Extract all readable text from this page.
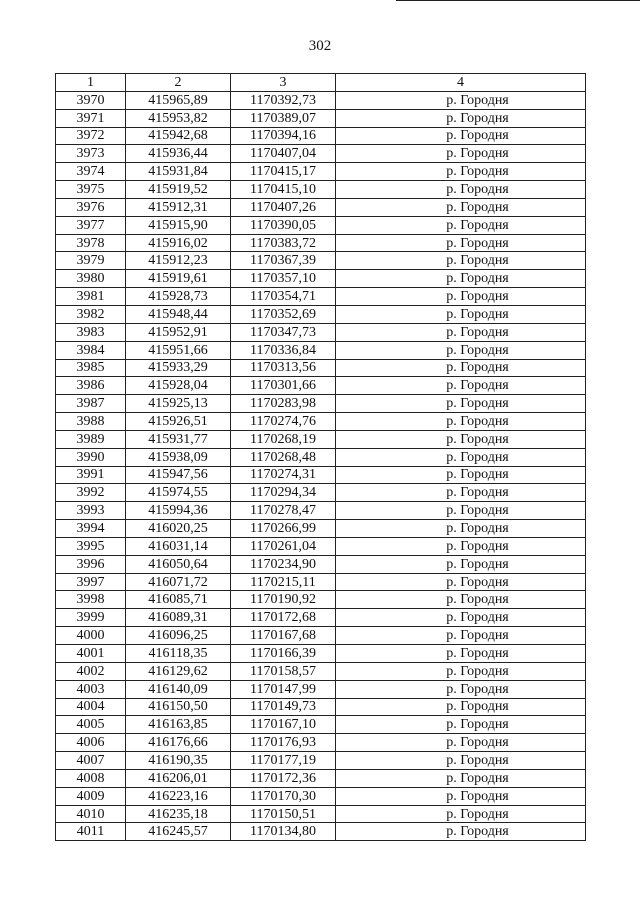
302
1	2	3	4
3970	415965,89	1170392,73	р. Городня
3971	415953,82	1170389,07	р. Городня
3972	415942,68	1170394,16	р. Городня
3973	415936,44	1170407,04	р. Городня
3974	415931,84	1170415,17	р. Городня
3975	415919,52	1170415,10	р. Городня
3976	415912,31	1170407,26	р. Городня
3977	415915,90	1170390,05	р. Городня
3978	415916,02	1170383,72	р. Городня
3979	415912,23	1170367,39	р. Городня
3980	415919,61	1170357,10	р. Городня
3981	415928,73	1170354,71	р. Городня
3982	415948,44	1170352,69	р. Городня
3983	415952,91	1170347,73	р. Городня
3984	415951,66	1170336,84	р. Городня
3985	415933,29	1170313,56	р. Городня
3986	415928,04	1170301,66	р. Городня
3987	415925,13	1170283,98	р. Городня
3988	415926,51	1170274,76	р. Городня
3989	415931,77	1170268,19	р. Городня
3990	415938,09	1170268,48	р. Городня
3991	415947,56	1170274,31	р. Городня
3992	415974,55	1170294,34	р. Городня
3993	415994,36	1170278,47	р. Городня
3994	416020,25	1170266,99	р. Городня
3995	416031,14	1170261,04	р. Городня
3996	416050,64	1170234,90	р. Городня
3997	416071,72	1170215,11	р. Городня
3998	416085,71	1170190,92	р. Городня
3999	416089,31	1170172,68	р. Городня
4000	416096,25	1170167,68	р. Городня
4001	416118,35	1170166,39	р. Городня
4002	416129,62	1170158,57	р. Городня
4003	416140,09	1170147,99	р. Городня
4004	416150,50	1170149,73	р. Городня
4005	416163,85	1170167,10	р. Городня
4006	416176,66	1170176,93	р. Городня
4007	416190,35	1170177,19	р. Городня
4008	416206,01	1170172,36	р. Городня
4009	416223,16	1170170,30	р. Городня
4010	416235,18	1170150,51	р. Городня
4011	416245,57	1170134,80	р. Городня
